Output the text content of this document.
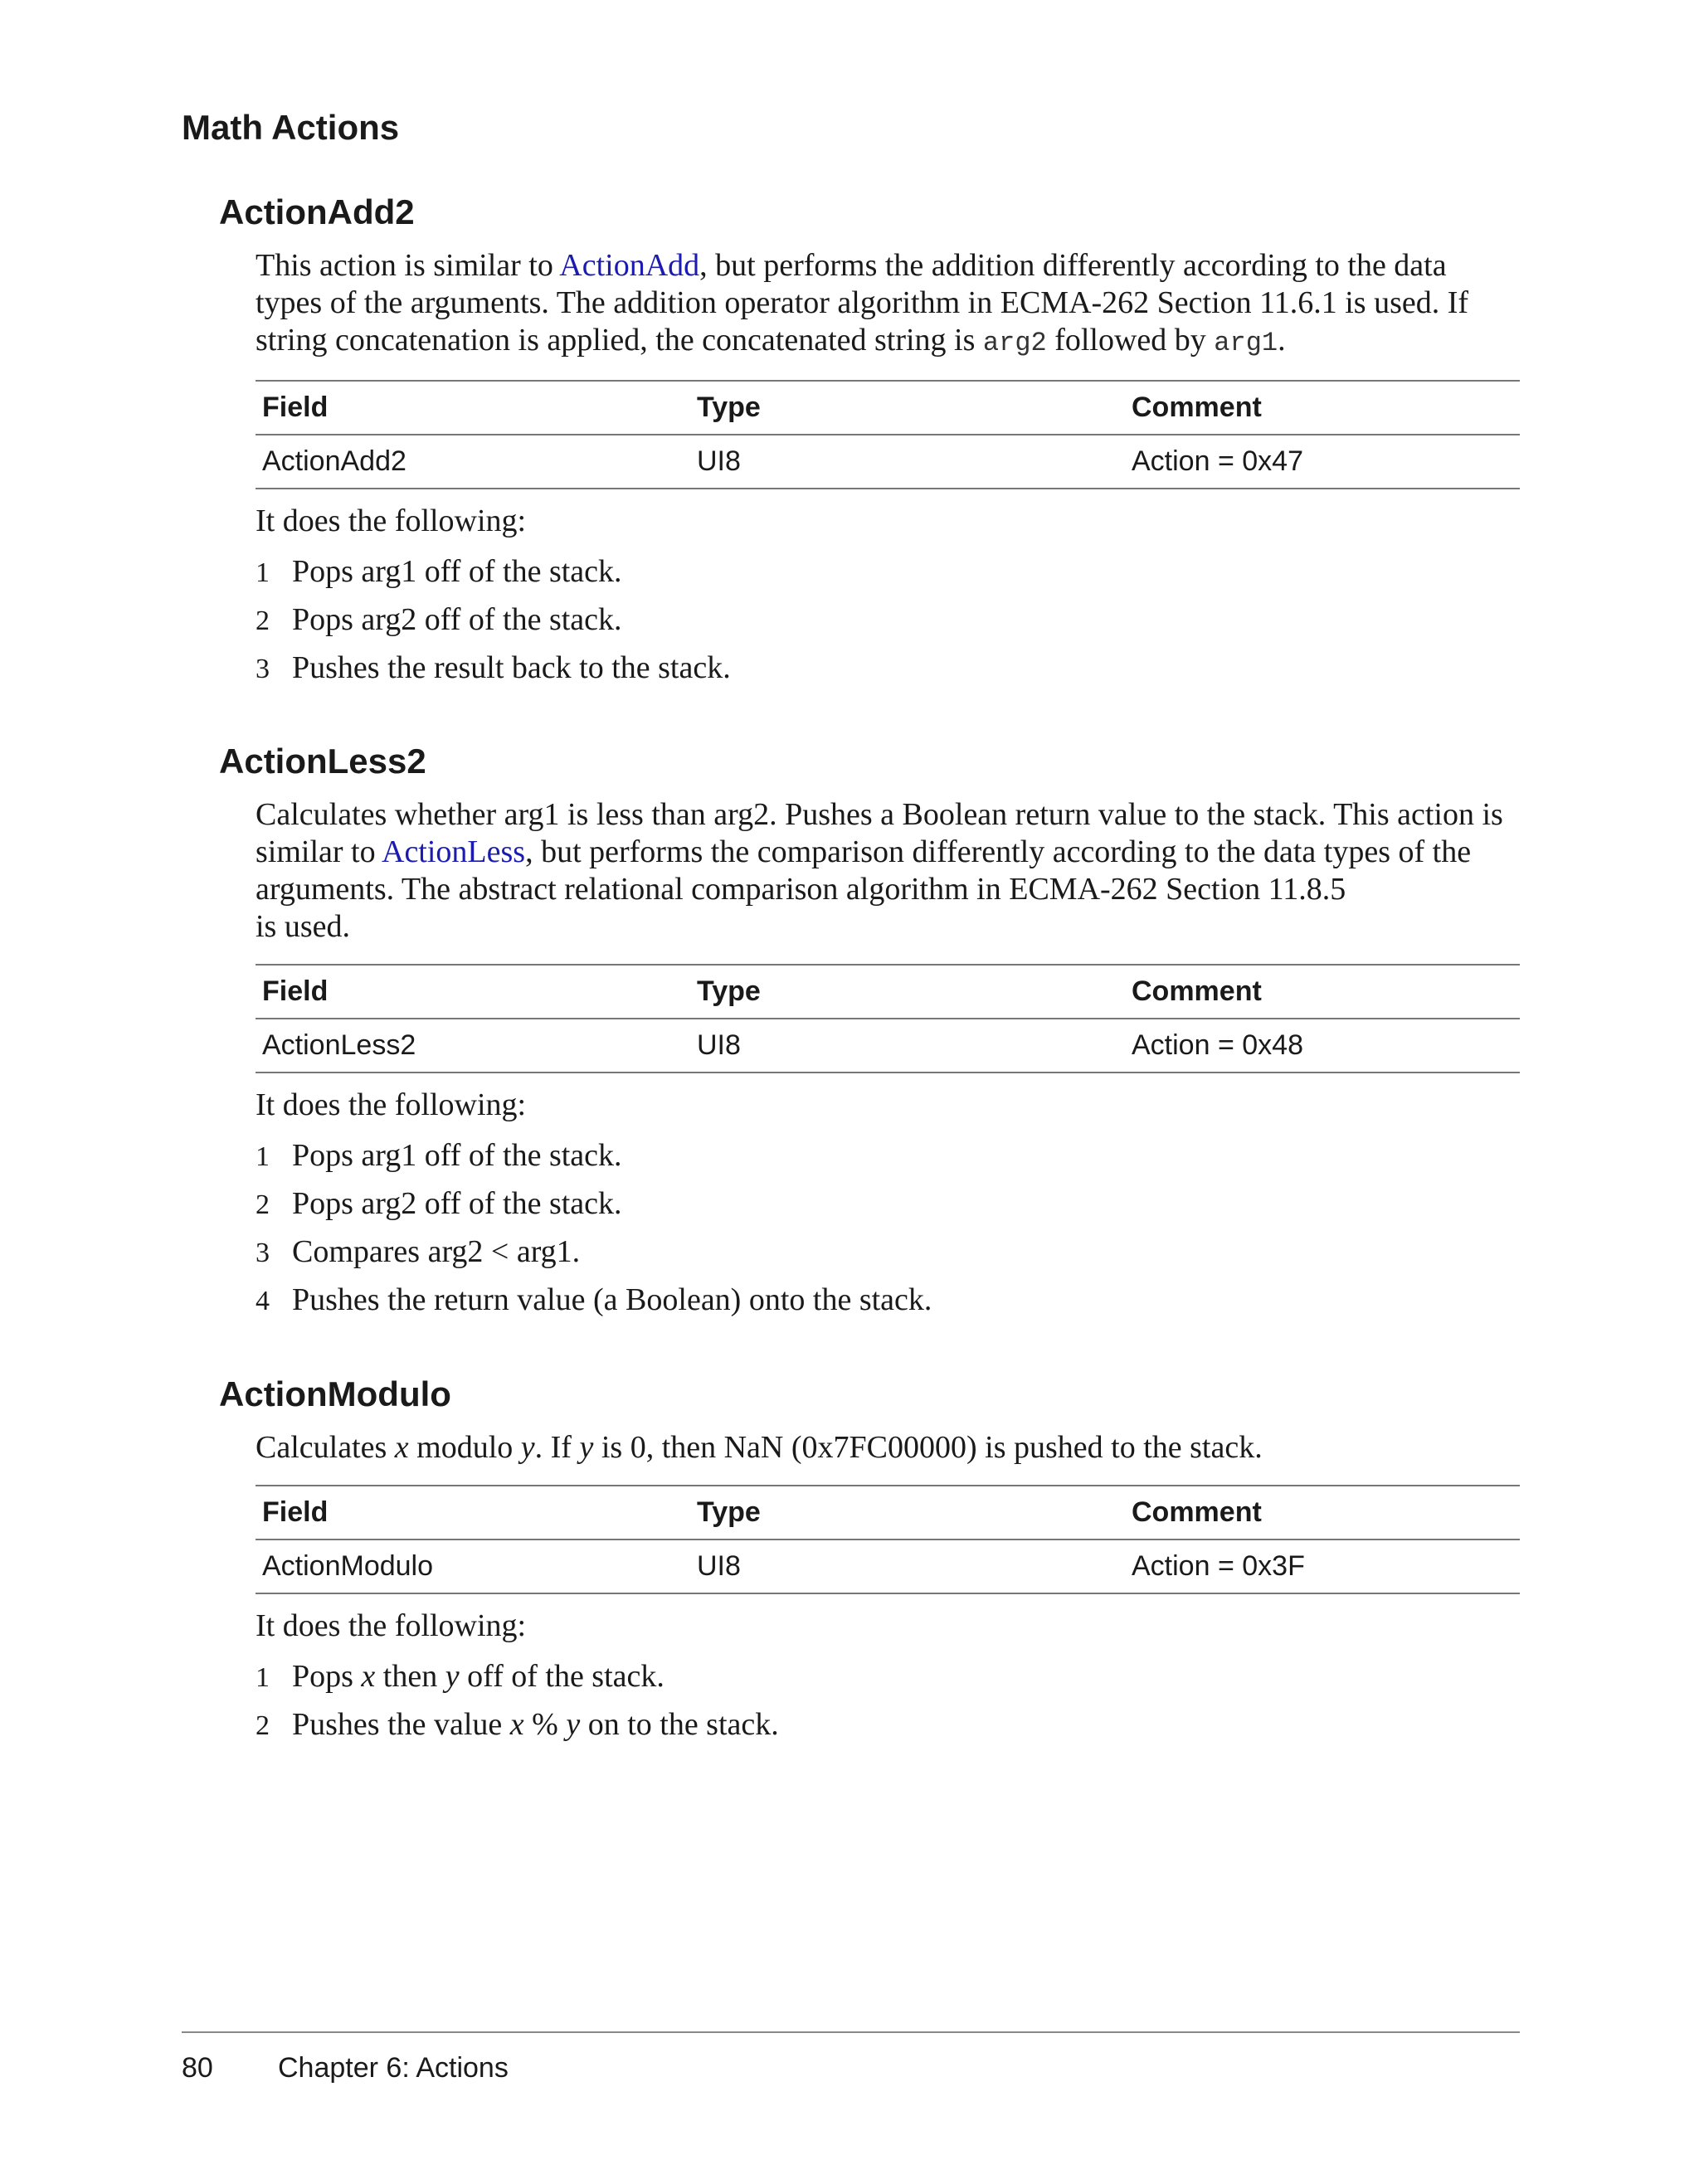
Math Actions
ActionAdd2

This action is similar to ActionAdd, but performs the addition differently according to the data types of the arguments. The addition operator algorithm in ECMA-262 Section 11.6.1 is used. If string concatenation is applied, the concatenated string is arg2 followed by arg1.

Field	Type	Comment
ActionAdd2	UI8	Action = 0x47

It does the following:

1 Pops arg1 off of the stack.
2 Pops arg2 off of the stack.
3 Pushes the result back to the stack.
ActionLess2

Calculates whether arg1 is less than arg2. Pushes a Boolean return value to the stack. This action is similar to ActionLess, but performs the comparison differently according to the data types of the arguments. The abstract relational comparison algorithm in ECMA-262 Section 11.8.5
is used.

Field	Type	Comment
ActionLess2	UI8	Action = 0x48

It does the following:

1 Pops arg1 off of the stack.
2 Pops arg2 off of the stack.
3 Compares arg2 < arg1.
4 Pushes the return value (a Boolean) onto the stack.
ActionModulo

Calculates x modulo y. If y is 0, then NaN (0x7FC00000) is pushed to the stack.

Field	Type	Comment
ActionModulo	UI8	Action = 0x3F

It does the following:

1 Pops x then y off of the stack.
2 Pushes the value x % y on to the stack.
80 Chapter 6: Actions
